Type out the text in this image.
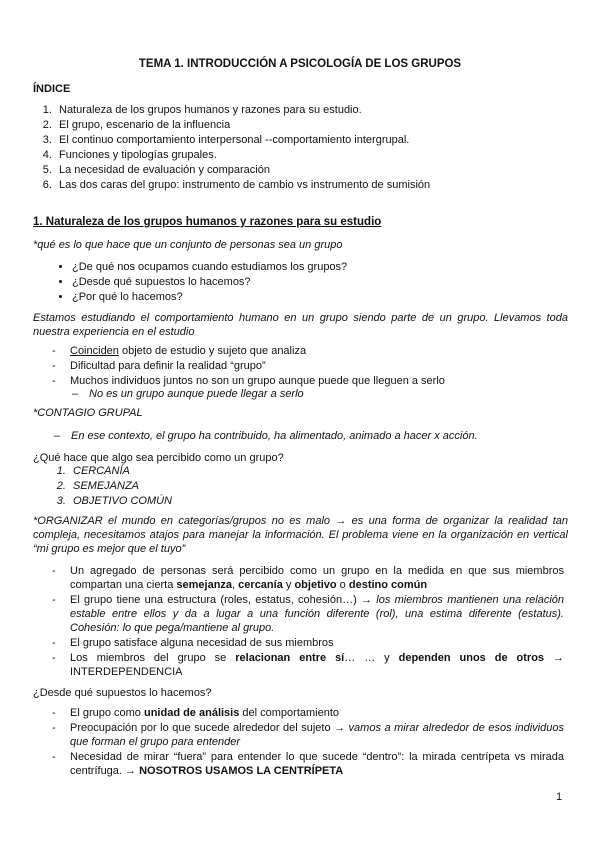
TEMA 1. INTRODUCCIÓN A PSICOLOGÍA DE LOS GRUPOS
ÍNDICE
1. Naturaleza de los grupos humanos y razones para su estudio.
2. El grupo, escenario de la influencia
3. El continuo comportamiento interpersonal --comportamiento intergrupal.
4. Funciones y tipologías grupales.
5. La necesidad de evaluación y comparación
6. Las dos caras del grupo: instrumento de cambio vs instrumento de sumisión
1. Naturaleza de los grupos humanos y razones para su estudio
*qué es lo que hace que un conjunto de personas sea un grupo
• ¿De qué nos ocupamos cuando estudiamos los grupos?
• ¿Desde qué supuestos lo hacemos?
• ¿Por qué lo hacemos?
Estamos estudiando el comportamiento humano en un grupo siendo parte de un grupo. Llevamos toda nuestra experiencia en el estudio
- Coinciden objeto de estudio y sujeto que analiza
- Dificultad para definir la realidad “grupo”
- Muchos individuos juntos no son un grupo aunque puede que lleguen a serlo
– No es un grupo aunque puede llegar a serlo
*CONTAGIO GRUPAL
– En ese contexto, el grupo ha contribuido, ha alimentado, animado a hacer x acción.
¿Qué hace que algo sea percibido como un grupo?
1. CERCANÍA
2. SEMEJANZA
3. OBJETIVO COMÚN
*ORGANIZAR el mundo en categorías/grupos no es malo → es una forma de organizar la realidad tan compleja, necesitamos atajos para manejar la información. El problema viene en la organización en vertical “mi grupo es mejor que el tuyo”
- Un agregado de personas será percibido como un grupo en la medida en que sus miembros compartan una cierta semejanza, cercanía y objetivo o destino común
- El grupo tiene una estructura (roles, estatus, cohesión…) → los miembros mantienen una relación estable entre ellos y da a lugar a una función diferente (rol), una estima diferente (estatus). Cohesión: lo que pega/mantiene al grupo.
- El grupo satisface alguna necesidad de sus miembros
- Los miembros del grupo se relacionan entre sí… … y dependen unos de otros → INTERDEPENDENCIA
¿Desde qué supuestos lo hacemos?
- El grupo como unidad de análisis del comportamiento
- Preocupación por lo que sucede alrededor del sujeto → vamos a mirar alrededor de esos individuos que forman el grupo para entender
- Necesidad de mirar “fuera” para entender lo que sucede “dentro”: la mirada centrípeta vs mirada centrífuga. → NOSOTROS USAMOS LA CENTRÍPETA
1
